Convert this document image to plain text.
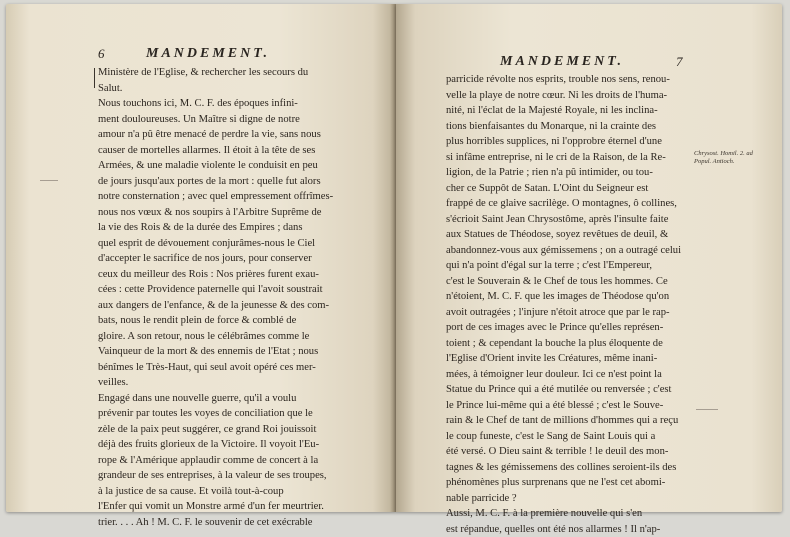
6	MANDEMENT.
Ministère de l'Eglise, & rechercher les secours du
Salut.
Nous touchons ici, M. C. F. des époques infini-
ment douloureuses. Un Maître si digne de notre
amour n'a pû être menacé de perdre la vie, sans nous
causer de mortelles allarmes. Il étoit à la tête de ses
Armées, & une maladie violente le conduisit en peu
de jours jusqu'aux portes de la mort : quelle fut alors
notre consternation ; avec quel empressement offrîmes-
nous nos vœux & nos soupirs à l'Arbitre Suprême de
la vie des Rois & de la durée des Empires ; dans
quel esprit de dévouement conjurâmes-nous le Ciel
d'accepter le sacrifice de nos jours, pour conserver
ceux du meilleur des Rois : Nos prières furent exau-
cées : cette Providence paternelle qui l'avoit soustrait
aux dangers de l'enfance, & de la jeunesse & des com-
bats, nous le rendit plein de force & comblé de
gloire. A son retour, nous le célébrâmes comme le
Vainqueur de la mort & des ennemis de l'Etat ; nous
bénîmes le Très-Haut, qui seul avoit opéré ces mer-
veilles.
Engagé dans une nouvelle guerre, qu'il a voulu
prévenir par toutes les voyes de conciliation que le
zèle de la paix peut suggérer, ce grand Roi jouissoit
déjà des fruits glorieux de la Victoire. Il voyoit l'Eu-
rope & l'Amérique applaudir comme de concert à la
grandeur de ses entreprises, à la valeur de ses troupes,
à la justice de sa cause. Et voilà tout-à-coup
l'Enfer qui vomit un Monstre armé d'un fer meurtrier.
trier. . . . Ah ! M. C. F. le souvenir de cet exécrable
MANDEMENT.	7
parricide révolte nos esprits, trouble nos sens, renou-
velle la playe de notre cœur. Ni les droits de l'huma-
nité, ni l'éclat de la Majesté Royale, ni les inclina-
tions bienfaisantes du Monarque, ni la crainte des
plus horribles supplices, ni l'opprobre éternel d'une
si infâme entreprise, ni le cri de la Raison, de la Re-
ligion, de la Patrie ; rien n'a pû intimider, ou tou-
cher ce Suppôt de Satan. L'Oint du Seigneur est
frappé de ce glaive sacrilège. O montagnes, ô collines,
s'écrioit Saint Jean Chrysostôme, après l'insulte faite
aux Statues de Théodose, soyez revêtues de deuil, &
abandonnez-vous aux gémissemens ; on a outragé celui
qui n'a point d'égal sur la terre ; c'est l'Empereur,
c'est le Souverain & le Chef de tous les hommes. Ce
n'étoient, M. C. F. que les images de Théodose qu'on
avoit outragées ; l'injure n'étoit atroce que par le rap-
port de ces images avec le Prince qu'elles représen-
toient ; & cependant la bouche la plus éloquente de
l'Eglise d'Orient invite les Créatures, même inani-
mées, à témoigner leur douleur. Ici ce n'est point la
Statue du Prince qui a été mutilée ou renversée ; c'est
le Prince lui-même qui a été blessé ; c'est le Souve-
rain & le Chef de tant de millions d'hommes qui a reçu
le coup funeste, c'est le Sang de Saint Louis qui a
été versé. O Dieu saint & terrible ! le deuil des mon-
tagnes & les gémissemens des collines seroient-ils des
phénomènes plus surprenans que ne l'est cet abomi-
nable parricide ?
Aussi, M. C. F. à la première nouvelle qui s'en
est répandue, quelles ont été nos allarmes ! Il n'ap-
Chrysost. Homil. 2. ad Popul. Antioch.
